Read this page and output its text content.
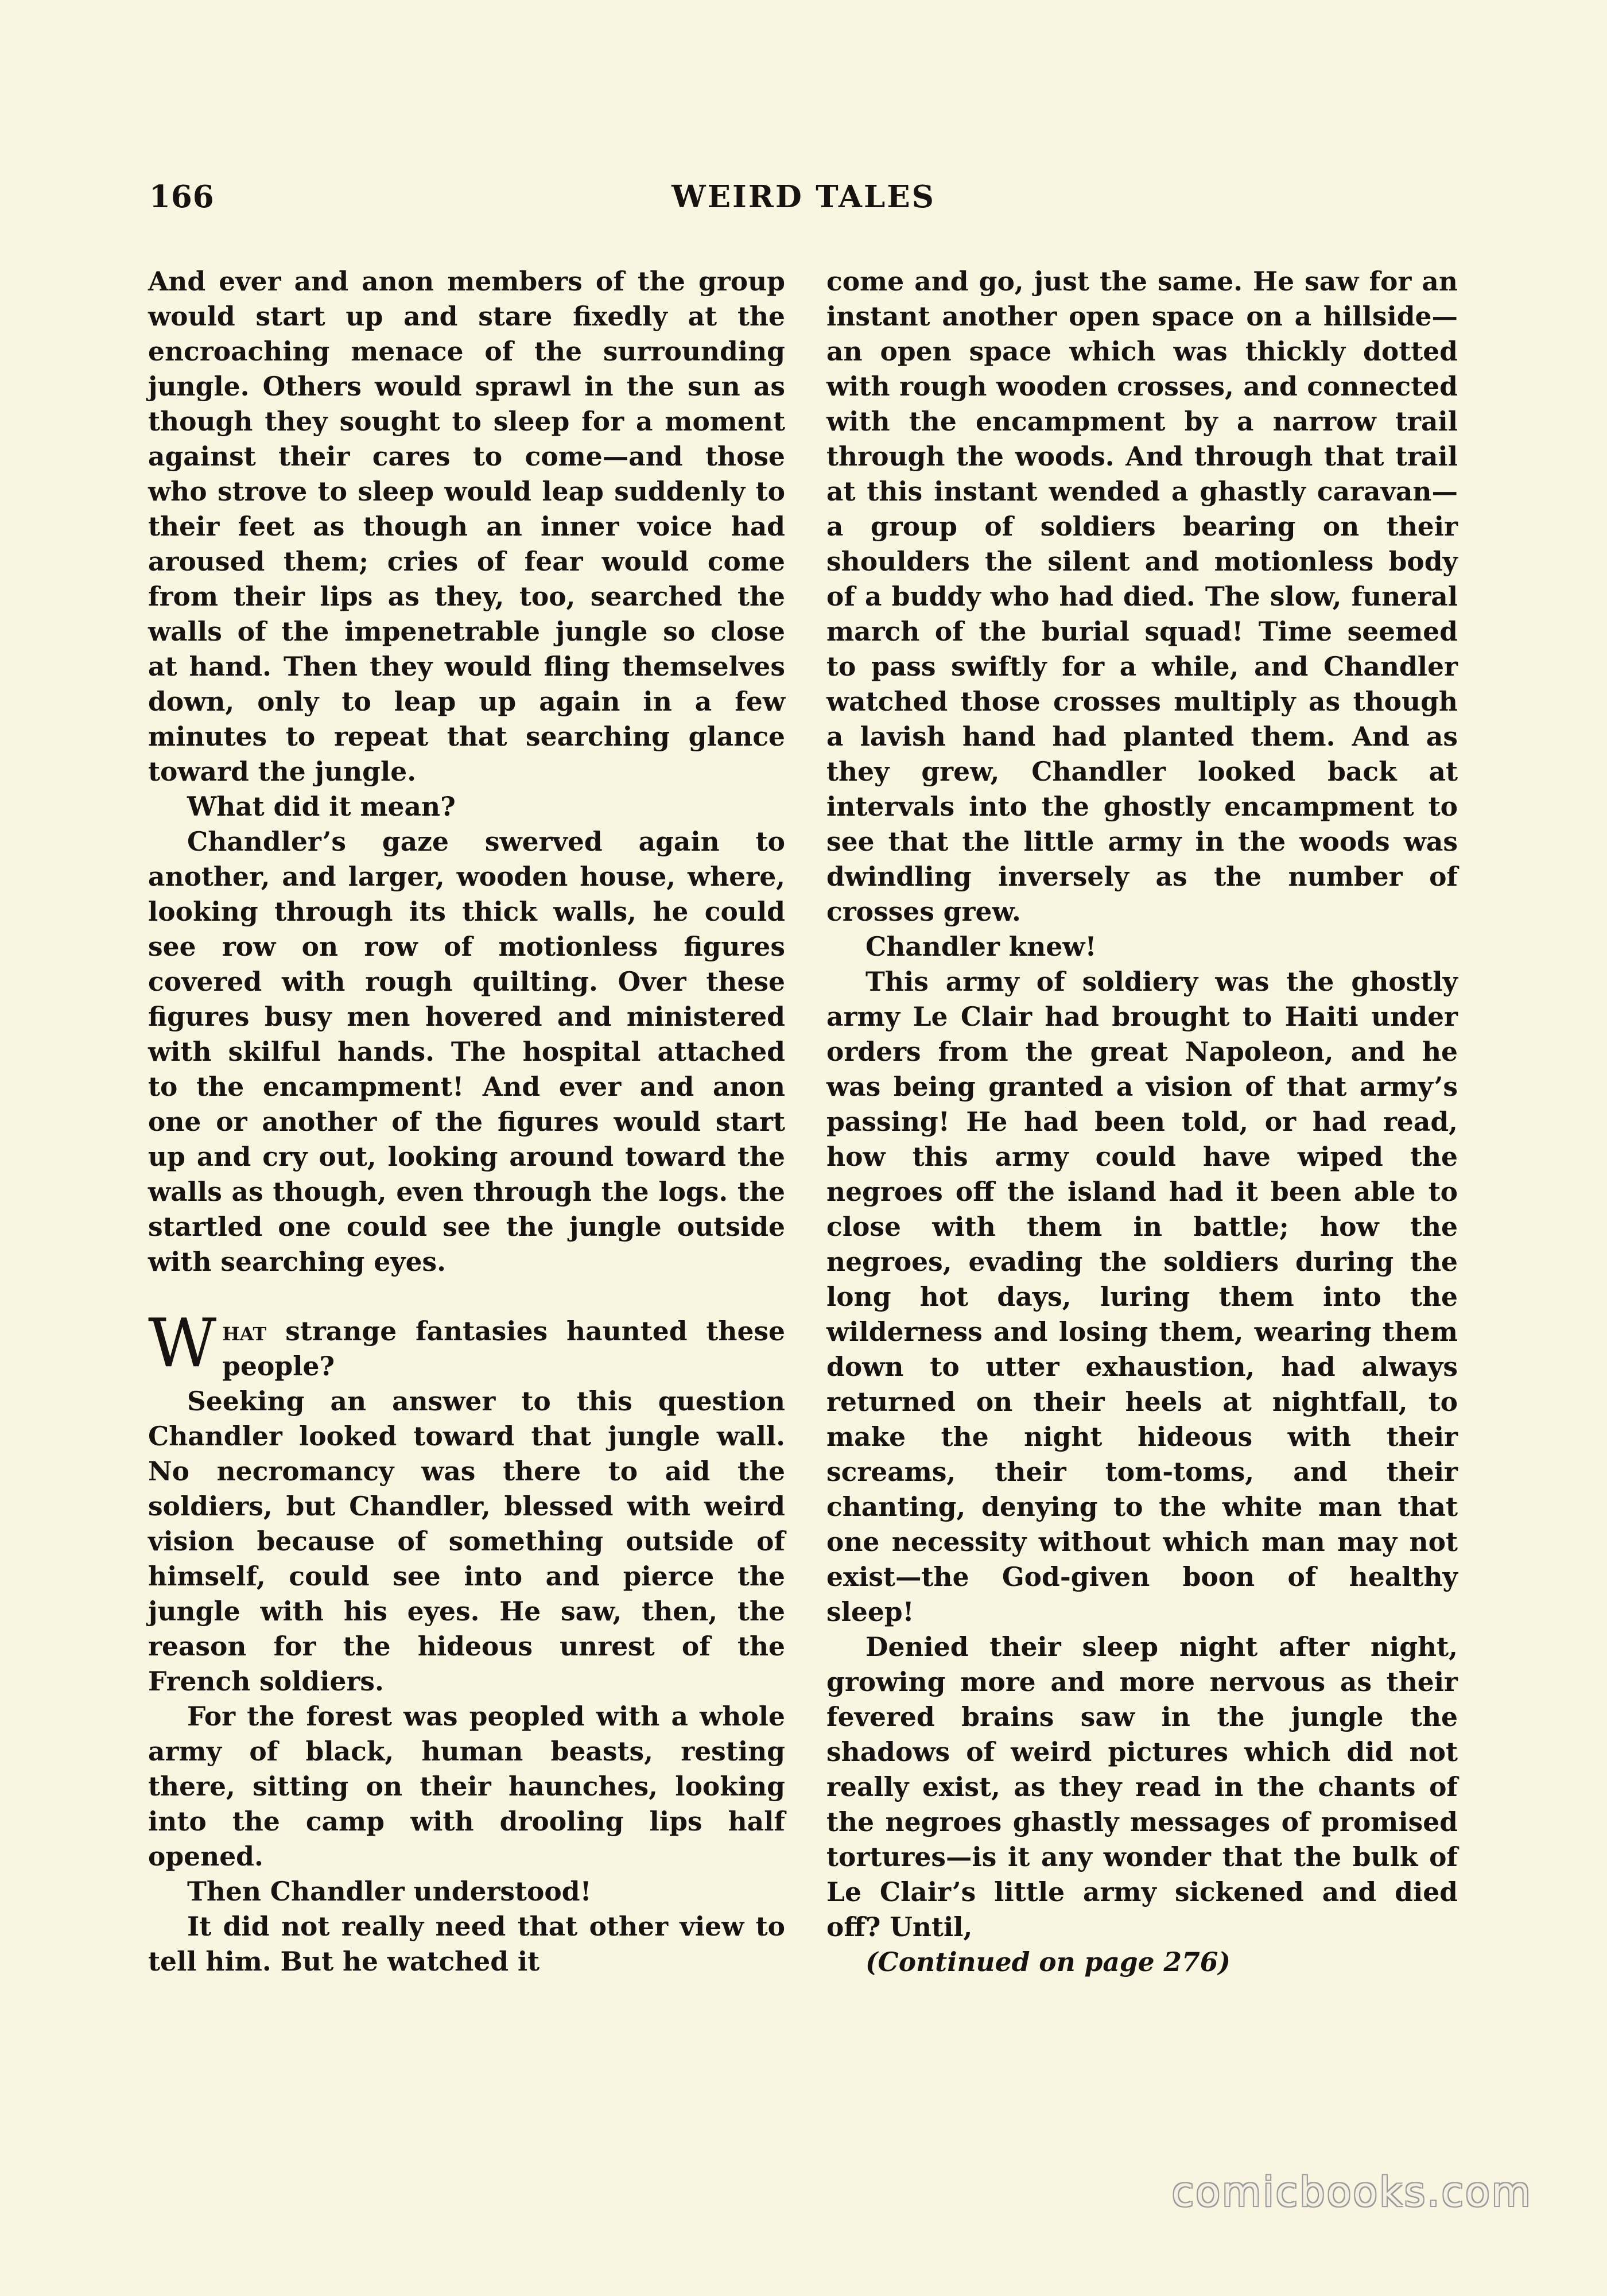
166	WEIRD TALES

And ever and anon members of the group would start up and stare fixedly at the encroaching menace of the surrounding jungle. Others would sprawl in the sun as though they sought to sleep for a moment against their cares to come—and those who strove to sleep would leap suddenly to their feet as though an inner voice had aroused them; cries of fear would come from their lips as they, too, searched the walls of the impenetrable jungle so close at hand. Then they would fling themselves down, only to leap up again in a few minutes to repeat that searching glance toward the jungle.

What did it mean?

Chandler’s gaze swerved again to another, and larger, wooden house, where, looking through its thick walls, he could see row on row of motionless figures covered with rough quilting. Over these figures busy men hovered and ministered with skilful hands. The hospital attached to the encampment! And ever and anon one or another of the figures would start up and cry out, looking around toward the walls as though, even through the logs. the startled one could see the jungle outside with searching eyes.

What strange fantasies haunted these people?

Seeking an answer to this question Chandler looked toward that jungle wall. No necromancy was there to aid the soldiers, but Chandler, blessed with weird vision because of something outside of himself, could see into and pierce the jungle with his eyes. He saw, then, the reason for the hideous unrest of the French soldiers.

For the forest was peopled with a whole army of black, human beasts, resting there, sitting on their haunches, looking into the camp with drooling lips half opened.

Then Chandler understood!

It did not really need that other view to tell him. But he watched it

come and go, just the same. He saw for an instant another open space on a hillside—an open space which was thickly dotted with rough wooden crosses, and connected with the encampment by a narrow trail through the woods. And through that trail at this instant wended a ghastly caravan—a group of soldiers bearing on their shoulders the silent and motionless body of a buddy who had died. The slow, funeral march of the burial squad! Time seemed to pass swiftly for a while, and Chandler watched those crosses multiply as though a lavish hand had planted them. And as they grew, Chandler looked back at intervals into the ghostly encampment to see that the little army in the woods was dwindling inversely as the number of crosses grew.

Chandler knew!

This army of soldiery was the ghostly army Le Clair had brought to Haiti under orders from the great Napoleon, and he was being granted a vision of that army’s passing! He had been told, or had read, how this army could have wiped the negroes off the island had it been able to close with them in battle; how the negroes, evading the soldiers during the long hot days, luring them into the wilderness and losing them, wearing them down to utter exhaustion, had always returned on their heels at nightfall, to make the night hideous with their screams, their tom-toms, and their chanting, denying to the white man that one necessity without which man may not exist—the God-given boon of healthy sleep!

Denied their sleep night after night, growing more and more nervous as their fevered brains saw in the jungle the shadows of weird pictures which did not really exist, as they read in the chants of the negroes ghastly messages of promised tortures—is it any wonder that the bulk of Le Clair’s little army sickened and died off? Until,

(Continued on page 276)

comicbooks.com
